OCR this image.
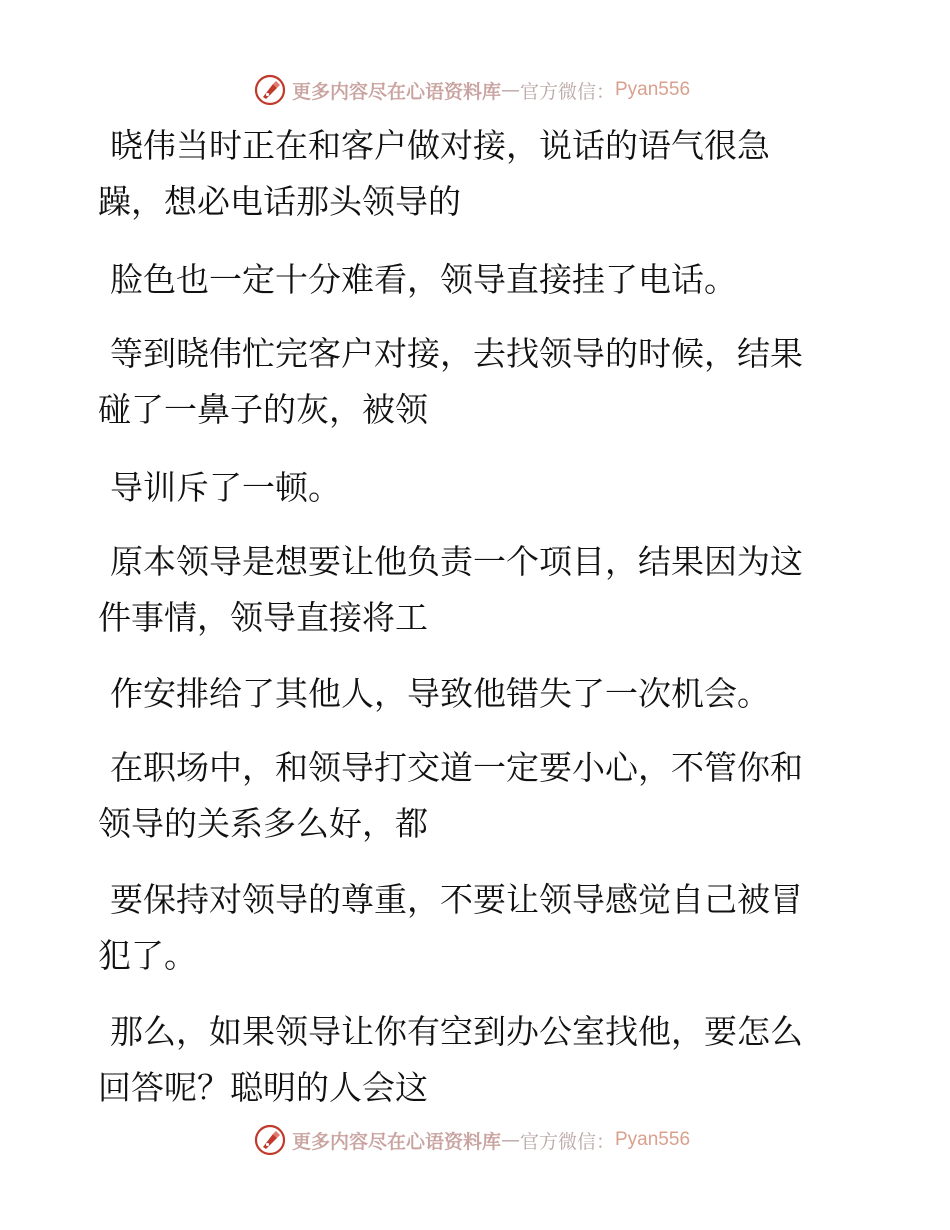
更多内容尽在心语资料库 — 官方微信： Pyan556
晓伟当时正在和客户做对接，说话的语气很急
躁，想必电话那头领导的
脸色也一定十分难看，领导直接挂了电话。
等到晓伟忙完客户对接，去找领导的时候，结果
碰了一鼻子的灰，被领
导训斥了一顿。
原本领导是想要让他负责一个项目，结果因为这
件事情，领导直接将工
作安排给了其他人，导致他错失了一次机会。
在职场中，和领导打交道一定要小心，不管你和
领导的关系多么好，都
要保持对领导的尊重，不要让领导感觉自己被冒
犯了。
那么，如果领导让你有空到办公室找他，要怎么
回答呢？聪明的人会这
更多内容尽在心语资料库 — 官方微信： Pyan556
